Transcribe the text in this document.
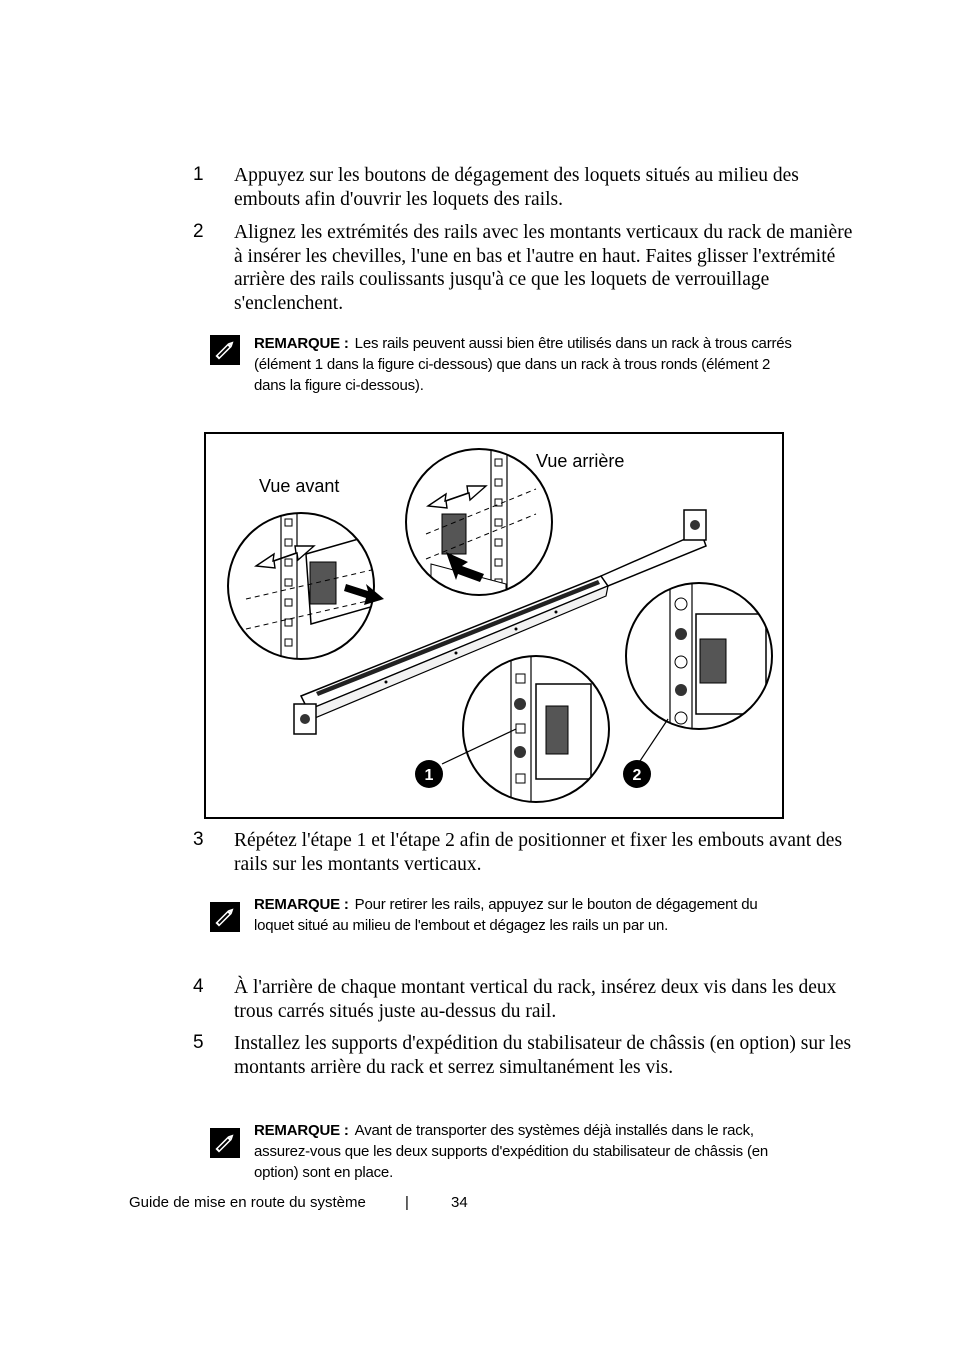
1 Appuyez sur les boutons de dégagement des loquets situés au milieu des embouts afin d'ouvrir les loquets des rails.
2 Alignez les extrémités des rails avec les montants verticaux du rack de manière à insérer les chevilles, l'une en bas et l'autre en haut. Faites glisser l'extrémité arrière des rails coulissants jusqu'à ce que les loquets de verrouillage s'enclenchent.
REMARQUE : Les rails peuvent aussi bien être utilisés dans un rack à trous carrés (élément 1 dans la figure ci-dessous) que dans un rack à trous ronds (élément 2 dans la figure ci-dessous).
1	2
Vue avant
Vue arrière
3 Répétez l'étape 1 et l'étape 2 afin de positionner et fixer les embouts avant des rails sur les montants verticaux.
REMARQUE : Pour retirer les rails, appuyez sur le bouton de dégagement du loquet situé au milieu de l'embout et dégagez les rails un par un.
4 À l'arrière de chaque montant vertical du rack, insérez deux vis dans les deux trous carrés situés juste au-dessus du rail.
5 Installez les supports d'expédition du stabilisateur de châssis (en option) sur les montants arrière du rack et serrez simultanément les vis.
REMARQUE : Avant de transporter des systèmes déjà installés dans le rack, assurez-vous que les deux supports d'expédition du stabilisateur de châssis (en option) sont en place.
Guide de mise en route du système	|	34
